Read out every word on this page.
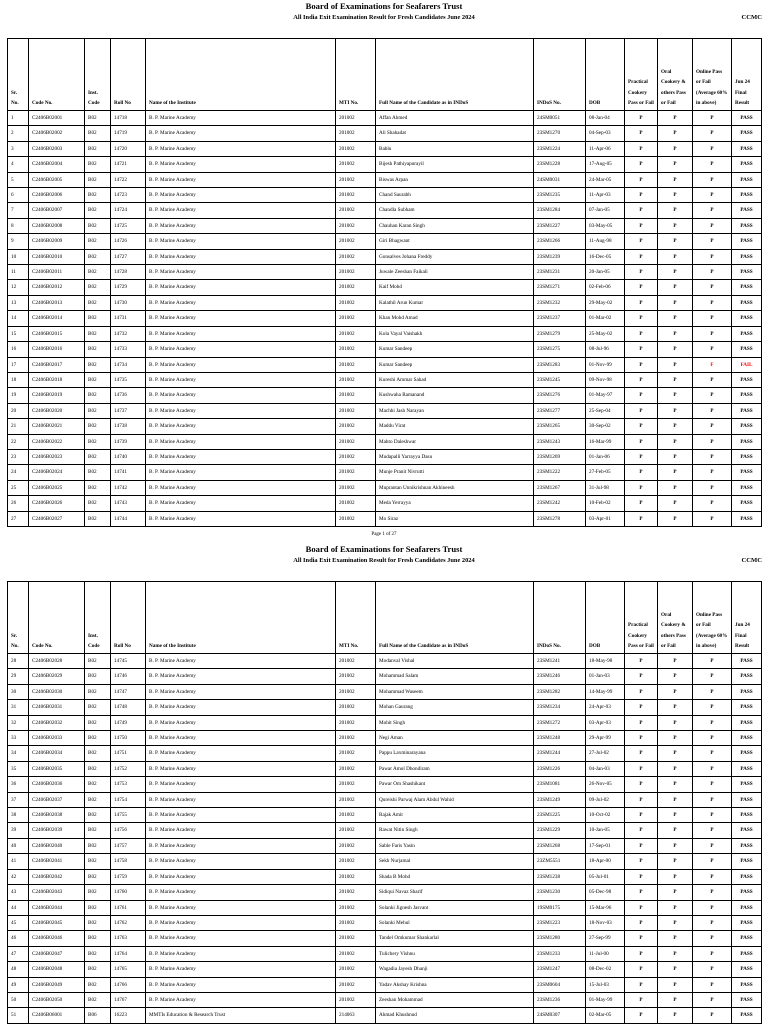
Board of Examinations for Seafarers Trust
All India Exit Examination Result for Fresh Candidates June 2024	CCMC
Sr. No.	Code No.	Inst. Code	Roll No	Name of the Institute	MTI No.	Full Name of the Candidate as in INDoS	INDoS No.	DOB	Practical Cookery Pass or Fail	Oral Cookery & others Pass or Fail	Online Pass or Fail (Average 60% in above)	Jun 24 Final Result
1	C2406B02001	B02	14718	B. P. Marine Academy	201002	Affan Ahmed	24SM0051	08-Jan-04	P	P	P	PASS
2	C2406B02002	B02	14719	B. P. Marine Academy	201002	Ali Shahadat	23SM1270	04-Sep-03	P	P	P	PASS
3	C2406B02003	B02	14720	B. P. Marine Academy	201002	Bablu	23SM1224	11-Apr-06	P	P	P	PASS
4	C2406B02004	B02	14721	B. P. Marine Academy	201002	Bijesh Pathiyapurayil	23SM1228	17-Aug-05	P	P	P	PASS
5	C2406B02005	B02	14722	B. P. Marine Academy	201002	Biswas Arpan	24SM0031	24-Mar-05	P	P	P	PASS
6	C2406B02006	B02	14723	B. P. Marine Academy	201002	Chand Saurabh	23SM1235	11-Apr-03	P	P	P	PASS
7	C2406B02007	B02	14724	B. P. Marine Academy	201002	Chandla Subham	23SM1284	07-Jan-05	P	P	P	PASS
8	C2406B02008	B02	14725	B. P. Marine Academy	201002	Chauhan Karan Singh	23SM1227	03-May-05	P	P	P	PASS
9	C2406B02009	B02	14726	B. P. Marine Academy	201002	Giri Bhagwant	23SM1266	11-Aug-98	P	P	P	PASS
10	C2406B02010	B02	14727	B. P. Marine Academy	201002	Gonsalves Johana Freddy	23SM1239	16-Dec-05	P	P	P	PASS
11	C2406B02011	B02	14728	B. P. Marine Academy	201002	Juwale Zeeshan Faikali	23SM1231	20-Jan-05	P	P	P	PASS
12	C2406B02012	B02	14729	B. P. Marine Academy	201002	Kaif Mohd	23SM1271	02-Feb-06	P	P	P	PASS
13	C2406B02013	B02	14730	B. P. Marine Academy	201002	Kalathil Arun Kumar	23SM1232	29-May-02	P	P	P	PASS
14	C2406B02014	B02	14731	B. P. Marine Academy	201002	Khan Mohd Amad	23SM1237	01-Mar-02	P	P	P	PASS
15	C2406B02015	B02	14732	B. P. Marine Academy	201002	Kola Vayal Vaishakh	23SM1279	25-May-02	P	P	P	PASS
16	C2406B02016	B02	14733	B. P. Marine Academy	201002	Kumar Sandeep	23SM1275	08-Jul-96	P	P	P	PASS
17	C2406B02017	B02	14734	B. P. Marine Academy	201002	Kumar Sandeep	23SM1283	01-Nov-99	P	P	F	FAIL
18	C2406B02018	B02	14735	B. P. Marine Academy	201002	Kureshi Ammar Sahad	23SM1245	09-Nov-98	P	P	P	PASS
19	C2406B02019	B02	14736	B. P. Marine Academy	201002	Kushwaha Ramanand	23SM1276	01-May-97	P	P	P	PASS
20	C2406B02020	B02	14737	B. P. Marine Academy	201002	Machhi Jash Narayan	23SM1277	25-Sep-04	P	P	P	PASS
21	C2406B02021	B02	14738	B. P. Marine Academy	201002	Maddu Virat	23SM1265	30-Sep-02	P	P	P	PASS
22	C2406B02022	B02	14739	B. P. Marine Academy	201002	Mahto Daleshwar	23SM1243	16-Mar-99	P	P	P	PASS
23	C2406B02023	B02	14740	B. P. Marine Academy	201002	Mudapalli Yarrayya Dasu	23SM1269	01-Jan-06	P	P	P	PASS
24	C2406B02024	B02	14741	B. P. Marine Academy	201002	Munje Pranit Nivrutti	23SM1222	27-Feb-05	P	P	P	PASS
25	C2406B02025	B02	14742	B. P. Marine Academy	201002	Muprantan Unnikrishnan Akhineesh	23SM1267	31-Jul-98	P	P	P	PASS
26	C2406B02026	B02	14743	B. P. Marine Academy	201002	Meda Yerrayya	23SM1242	10-Feb-02	P	P	P	PASS
27	C2406B02027	B02	14744	B. P. Marine Academy	201002	Mo Siraz	23SM1278	03-Apr-01	P	P	P	PASS
Page 1 of 27
Board of Examinations for Seafarers Trust
All India Exit Examination Result for Fresh Candidates June 2024	CCMC
Sr. No.	Code No.	Inst. Code	Roll No	Name of the Institute	MTI No.	Full Name of the Candidate as in INDoS	INDoS No.	DOB	Practical Cookery Pass or Fail	Oral Cookery & others Pass or Fail	Online Pass or Fail (Average 60% in above)	Jun 24 Final Result
28	C2406B02028	B02	14745	B. P. Marine Academy	201002	Modanval Vishal	23SM1241	18-May-98	P	P	P	PASS
29	C2406B02029	B02	14746	B. P. Marine Academy	201002	Mohammad Salam	23SM1246	01-Jan-03	P	P	P	PASS
30	C2406B02030	B02	14747	B. P. Marine Academy	201002	Mohammad Waseem	23SM1282	14-May-99	P	P	P	PASS
31	C2406B02031	B02	14748	B. P. Marine Academy	201002	Mohan Gaurang	23SM1234	24-Apr-03	P	P	P	PASS
32	C2406B02032	B02	14749	B. P. Marine Academy	201002	Mohit Singh	23SM1272	03-Apr-03	P	P	P	PASS
33	C2406B02033	B02	14750	B. P. Marine Academy	201002	Negi Aman	23SM1248	29-Apr-99	P	P	P	PASS
34	C2406B02034	B02	14751	B. P. Marine Academy	201002	Pappu Laxminarayana	23SM1244	27-Jul-02	P	P	P	PASS
35	C2406B02035	B02	14752	B. P. Marine Academy	201002	Pawar Amol Dhondiram	23SM1226	04-Jan-03	P	P	P	PASS
36	C2406B02036	B02	14753	B. P. Marine Academy	201002	Pawar Om Shashikant	23SM1081	26-Nov-05	P	P	P	PASS
37	C2406B02037	B02	14754	B. P. Marine Academy	201002	Qureishi Parwaj Alam Abdul Wahid	23SM1249	09-Jul-02	P	P	P	PASS
38	C2406B02038	B02	14755	B. P. Marine Academy	201002	Rajak Amit	23SM1225	10-Oct-02	P	P	P	PASS
39	C2406B02039	B02	14756	B. P. Marine Academy	201002	Rawat Nitin Singh	23SM1229	10-Jan-05	P	P	P	PASS
40	C2406B02040	B02	14757	B. P. Marine Academy	201002	Sable Faris Yasin	23SM1268	17-Sep-01	P	P	P	PASS
41	C2406B02041	B02	14758	B. P. Marine Academy	201002	Sekh Nurjamal	23ZM5551	18-Apr-00	P	P	P	PASS
42	C2406B02042	B02	14759	B. P. Marine Academy	201002	Shada B Mohd	23SM1238	05-Jul-01	P	P	P	PASS
43	C2406B02043	B02	14760	B. P. Marine Academy	201002	Sidiqui Navaz Sharif	23SM1230	05-Dec-98	P	P	P	PASS
44	C2406B02044	B02	14761	B. P. Marine Academy	201002	Solanki Jignesh Jasvant	19SM0175	15-Mar-96	P	P	P	PASS
45	C2406B02045	B02	14762	B. P. Marine Academy	201002	Solanki Mehul	23SM1223	18-Nov-03	P	P	P	PASS
46	C2406B02046	B02	14763	B. P. Marine Academy	201002	Tandel Omkumar Shankarlal	23SM1280	27-Sep-99	P	P	P	PASS
47	C2406B02047	B02	14764	B. P. Marine Academy	201002	Tulichery Vishnu	23SM1233	11-Jul-00	P	P	P	PASS
48	C2406B02048	B02	14765	B. P. Marine Academy	201002	Wagadia Jayesh Dhanji	23SM1247	08-Dec-02	P	P	P	PASS
49	C2406B02049	B02	14766	B. P. Marine Academy	201002	Yadav Akshay Krishna	23SM0604	15-Jul-03	P	P	P	PASS
50	C2406B02050	B02	14767	B. P. Marine Academy	201002	Zeeshan Mohammad	23SM1236	01-May-99	P	P	P	PASS
51	C2406B06001	B06	16223	MMTIs Education & Research Trust	214063	Ahmad Khushnud	24SM0307	02-Mar-05	P	P	P	PASS
